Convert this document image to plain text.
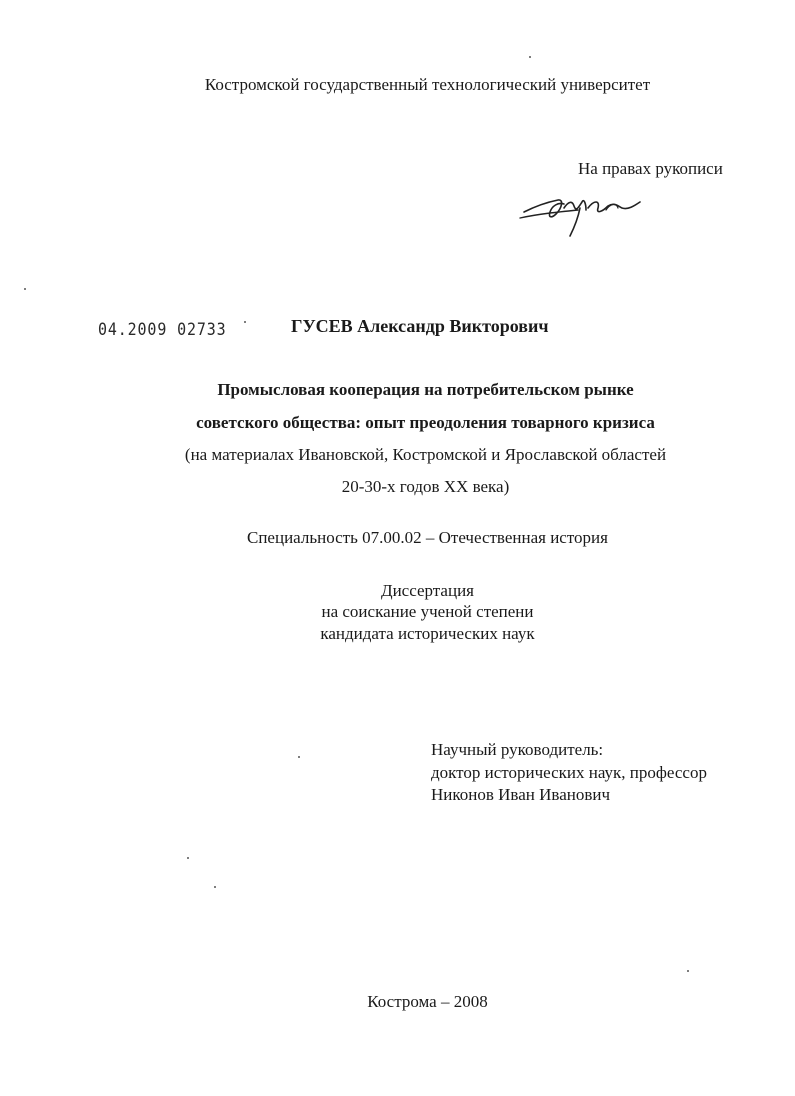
Костромской государственный технологический университет
На правах рукописи
04.2009 02733	ГУСЕВ Александр Викторович
Промысловая кооперация на потребительском рынке
советского общества: опыт преодоления товарного кризиса
(на материалах Ивановской, Костромской и Ярославской областей
20-30-х годов XX века)
Специальность 07.00.02 – Отечественная история
Диссертация
на соискание ученой степени
кандидата исторических наук
Научный руководитель:
доктор исторических наук, профессор
Никонов Иван Иванович
Кострома – 2008
